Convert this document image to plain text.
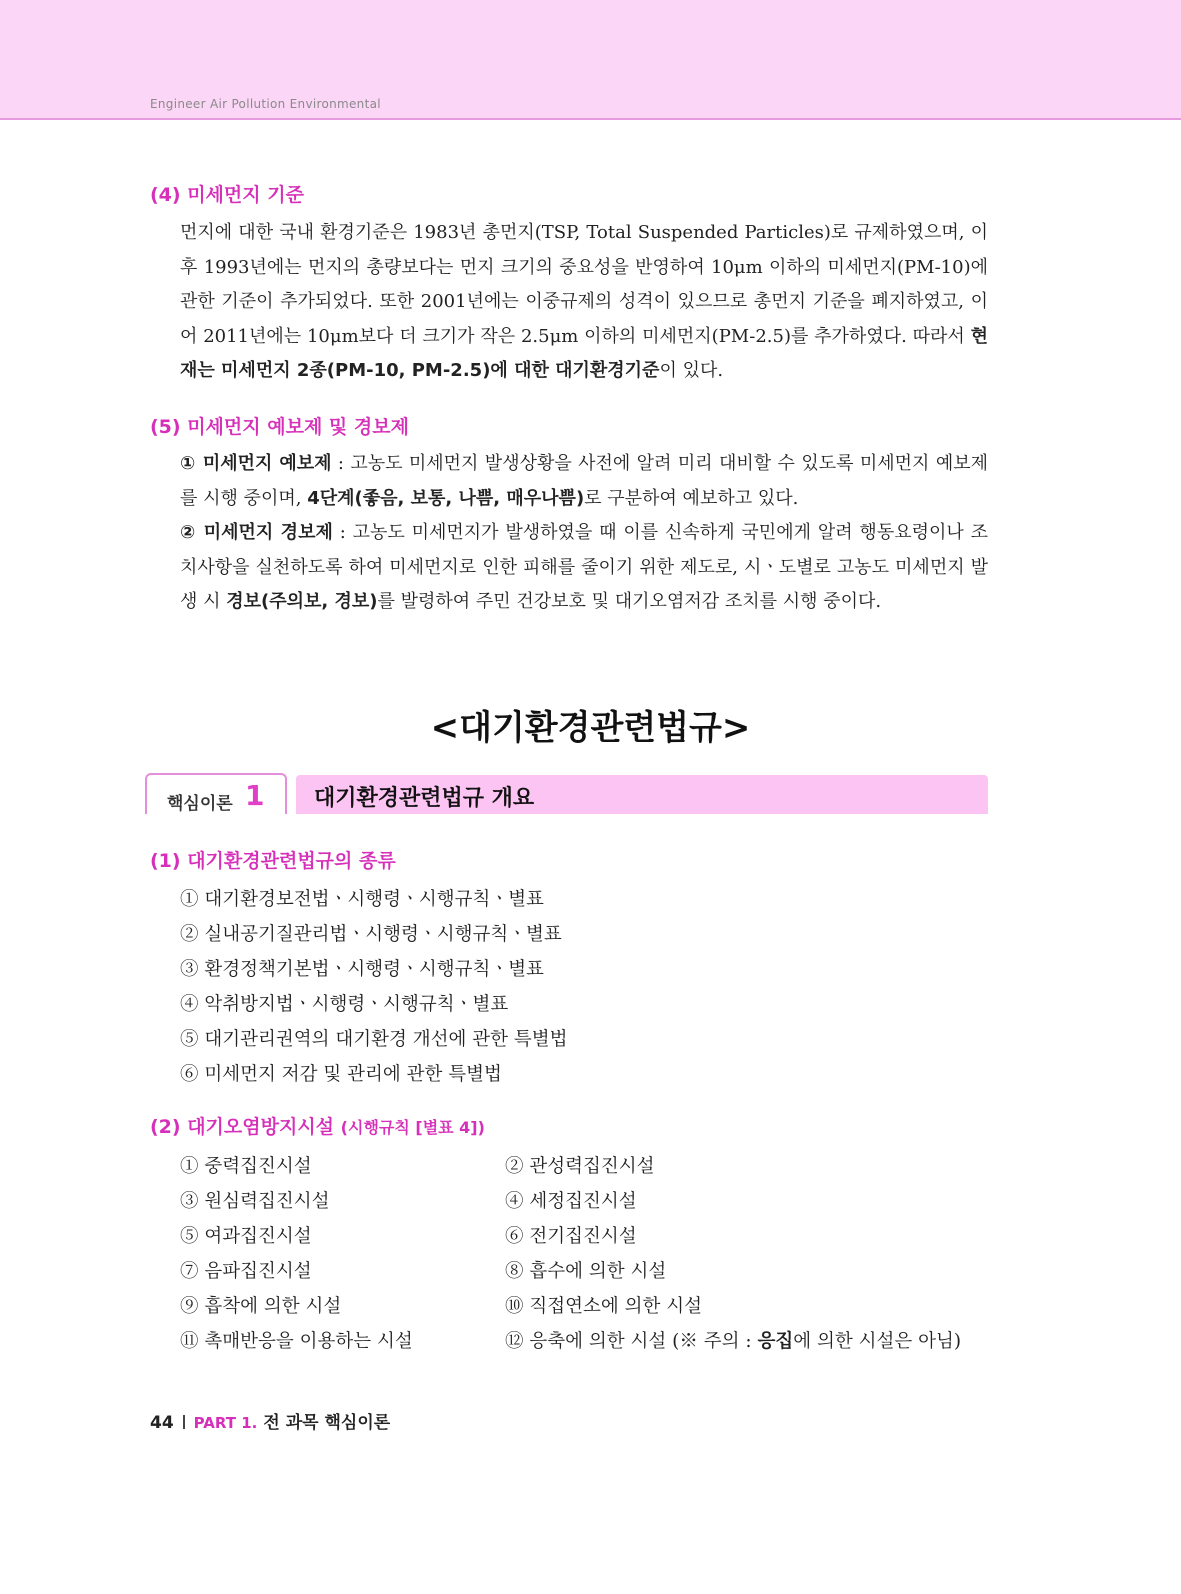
Engineer Air Pollution Environmental
(4) 미세먼지 기준
먼지에 대한 국내 환경기준은 1983년 총먼지(TSP, Total Suspended Particles)로 규제하였으며, 이후 1993년에는 먼지의 총량보다는 먼지 크기의 중요성을 반영하여 10μm 이하의 미세먼지(PM-10)에 관한 기준이 추가되었다. 또한 2001년에는 이중규제의 성격이 있으므로 총먼지 기준을 폐지하였고, 이어 2011년에는 10μm보다 더 크기가 작은 2.5μm 이하의 미세먼지(PM-2.5)를 추가하였다. 따라서 현재는 미세먼지 2종(PM-10, PM-2.5)에 대한 대기환경기준이 있다.
(5) 미세먼지 예보제 및 경보제
① 미세먼지 예보제 : 고농도 미세먼지 발생상황을 사전에 알려 미리 대비할 수 있도록 미세먼지 예보제를 시행 중이며, 4단계(좋음, 보통, 나쁨, 매우나쁨)로 구분하여 예보하고 있다.
② 미세먼지 경보제 : 고농도 미세먼지가 발생하였을 때 이를 신속하게 국민에게 알려 행동요령이나 조치사항을 실천하도록 하여 미세먼지로 인한 피해를 줄이기 위한 제도로, 시ㆍ도별로 고농도 미세먼지 발생 시 경보(주의보, 경보)를 발령하여 주민 건강보호 및 대기오염저감 조치를 시행 중이다.
<대기환경관련법규>
핵심이론 1 대기환경관련법규 개요
(1) 대기환경관련법규의 종류
① 대기환경보전법ㆍ시행령ㆍ시행규칙ㆍ별표
② 실내공기질관리법ㆍ시행령ㆍ시행규칙ㆍ별표
③ 환경정책기본법ㆍ시행령ㆍ시행규칙ㆍ별표
④ 악취방지법ㆍ시행령ㆍ시행규칙ㆍ별표
⑤ 대기관리권역의 대기환경 개선에 관한 특별법
⑥ 미세먼지 저감 및 관리에 관한 특별법
(2) 대기오염방지시설 (시행규칙 [별표 4])
① 중력집진시설
③ 원심력집진시설
⑤ 여과집진시설
⑦ 음파집진시설
⑨ 흡착에 의한 시설
⑪ 촉매반응을 이용하는 시설
② 관성력집진시설
④ 세정집진시설
⑥ 전기집진시설
⑧ 흡수에 의한 시설
⑩ 직접연소에 의한 시설
⑫ 응축에 의한 시설 (※ 주의 : 응집에 의한 시설은 아님)
44 PART 1. 전 과목 핵심이론
